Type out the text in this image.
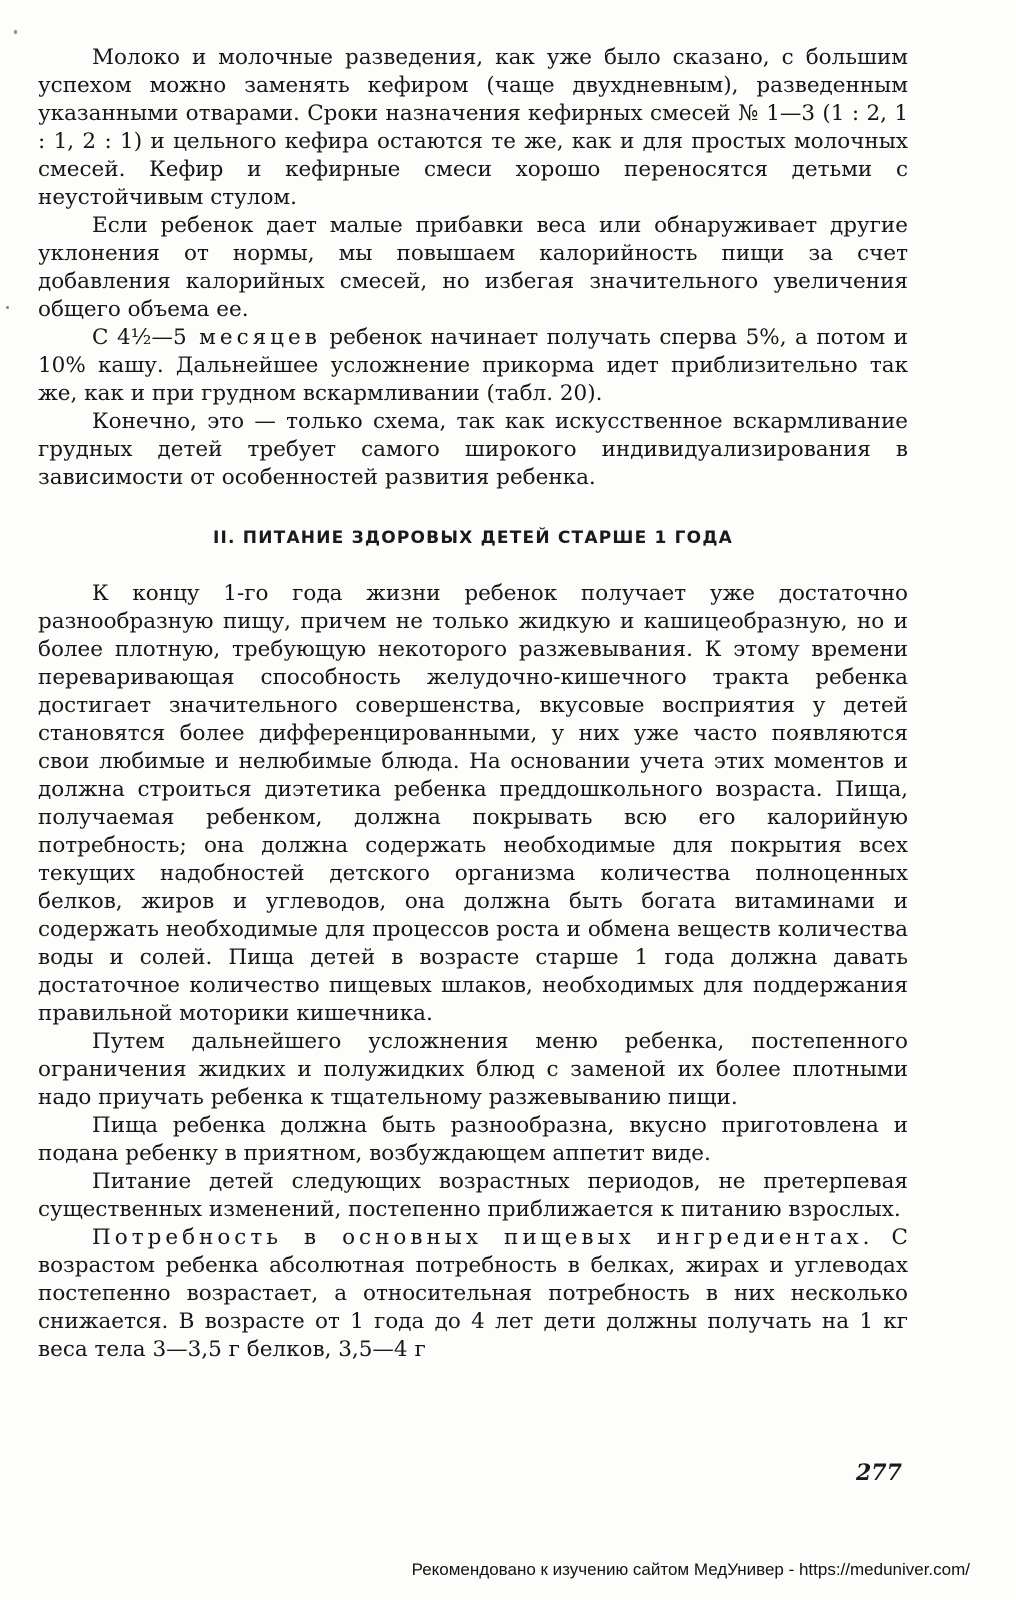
Молоко и молочные разведения, как уже было сказано, с большим успехом можно заменять кефиром (чаще двухдневным), разведенным указанными отварами. Сроки назначения кефирных смесей № 1—3 (1 : 2, 1 : 1, 2 : 1) и цельного кефира остаются те же, как и для простых молочных смесей. Кефир и кефирные смеси хорошо переносятся детьми с неустойчивым стулом.

Если ребенок дает малые прибавки веса или обнаруживает другие уклонения от нормы, мы повышаем калорийность пищи за счет добавления калорийных смесей, но избегая значительного увеличения общего объема ее.

С 4½—5 месяцев ребенок начинает получать сперва 5%, а потом и 10% кашу. Дальнейшее усложнение прикорма идет приблизительно так же, как и при грудном вскармливании (табл. 20).

Конечно, это — только схема, так как искусственное вскармливание грудных детей требует самого широкого индивидуализирования в зависимости от особенностей развития ребенка.

II. ПИТАНИЕ ЗДОРОВЫХ ДЕТЕЙ СТАРШЕ 1 ГОДА

К концу 1-го года жизни ребенок получает уже достаточно разнообразную пищу, причем не только жидкую и кашицеобразную, но и более плотную, требующую некоторого разжевывания. К этому времени переваривающая способность желудочно-кишечного тракта ребенка достигает значительного совершенства, вкусовые восприятия у детей становятся более дифференцированными, у них уже часто появляются свои любимые и нелюбимые блюда. На основании учета этих моментов и должна строиться диэтетика ребенка преддошкольного возраста. Пища, получаемая ребенком, должна покрывать всю его калорийную потребность; она должна содержать необходимые для покрытия всех текущих надобностей детского организма количества полноценных белков, жиров и углеводов, она должна быть богата витаминами и содержать необходимые для процессов роста и обмена веществ количества воды и солей. Пища детей в возрасте старше 1 года должна давать достаточное количество пищевых шлаков, необходимых для поддержания правильной моторики кишечника.

Путем дальнейшего усложнения меню ребенка, постепенного ограничения жидких и полужидких блюд с заменой их более плотными надо приучать ребенка к тщательному разжевыванию пищи.

Пища ребенка должна быть разнообразна, вкусно приготовлена и подана ребенку в приятном, возбуждающем аппетит виде.

Питание детей следующих возрастных периодов, не претерпевая существенных изменений, постепенно приближается к питанию взрослых.

Потребность в основных пищевых ингредиентах. С возрастом ребенка абсолютная потребность в белках, жирах и углеводах постепенно возрастает, а относительная потребность в них несколько снижается. В возрасте от 1 года до 4 лет дети должны получать на 1 кг веса тела 3—3,5 г белков, 3,5—4 г

277
Рекомендовано к изучению сайтом МедУнивер - https://meduniver.com/
